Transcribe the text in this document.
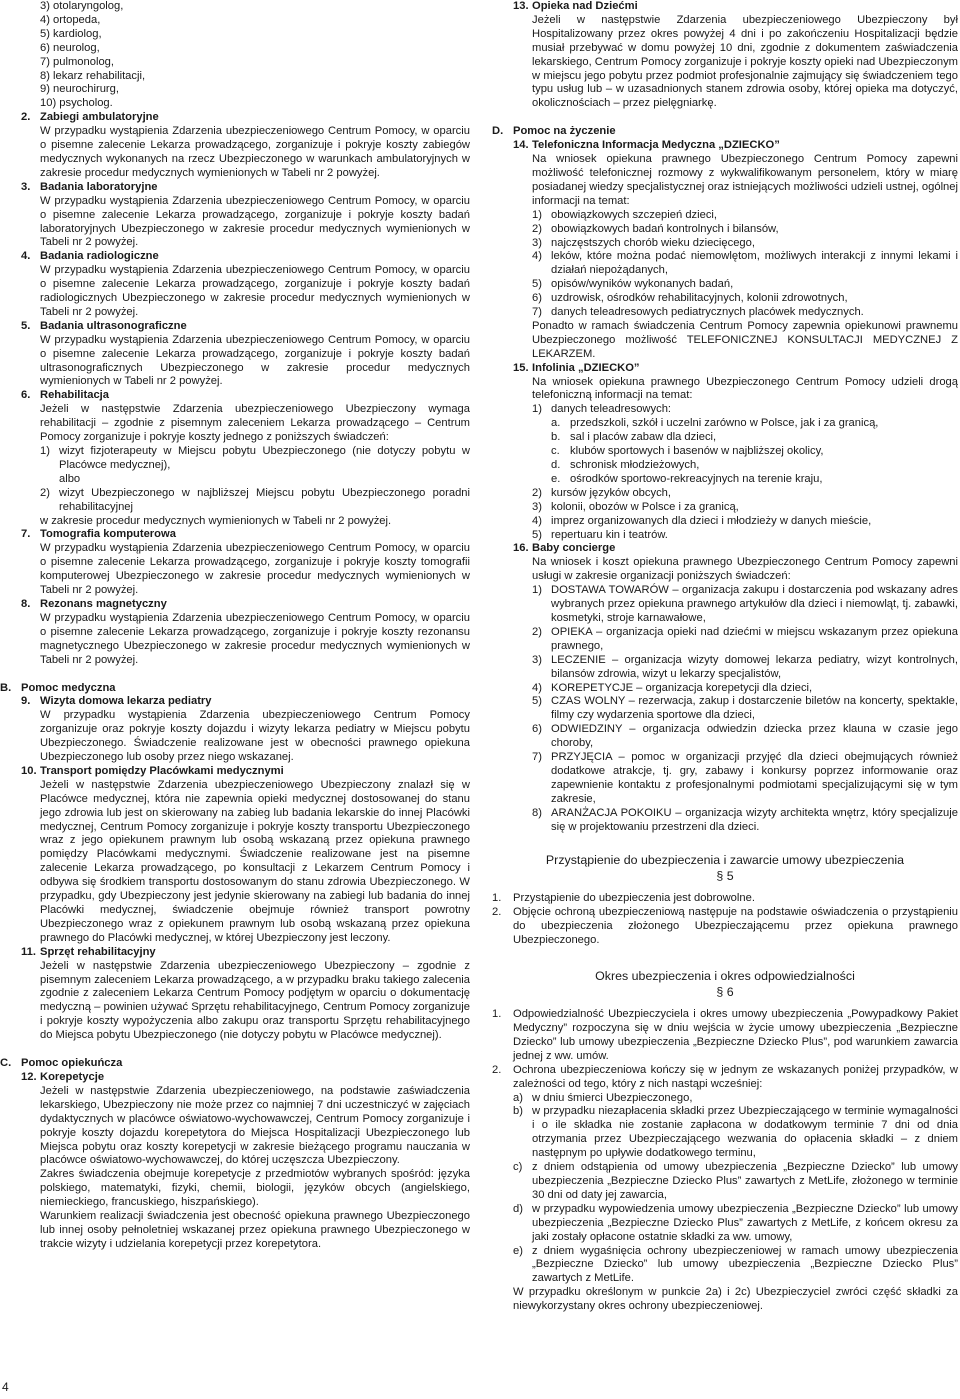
3) otolaryngolog,
4) ortopeda,
5) kardiolog,
6) neurolog,
7) pulmonolog,
8) lekarz rehabilitacji,
9) neurochirurg,
10) psycholog.
2. Zabiegi ambulatoryjne

W przypadku wystąpienia Zdarzenia ubezpieczeniowego Centrum Pomocy, w oparciu o pisemne zalecenie Lekarza prowadzącego, zorganizuje i pokryje koszty zabiegów medycznych wykonanych na rzecz Ubezpieczonego w warunkach ambulatoryjnych w zakresie procedur medycznych wymienionych w Tabeli nr 2 powyżej.

3. Badania laboratoryjne

W przypadku wystąpienia Zdarzenia ubezpieczeniowego Centrum Pomocy, w oparciu o pisemne zalecenie Lekarza prowadzącego, zorganizuje i pokryje koszty badań laboratoryjnych Ubezpieczonego w zakresie procedur medycznych wymienionych w Tabeli nr 2 powyżej.

4. Badania radiologiczne

W przypadku wystąpienia Zdarzenia ubezpieczeniowego Centrum Pomocy, w oparciu o pisemne zalecenie Lekarza prowadzącego, zorganizuje i pokryje koszty badań radiologicznych Ubezpieczonego w zakresie procedur medycznych wymienionych w Tabeli nr 2 powyżej.

5. Badania ultrasonograficzne

W przypadku wystąpienia Zdarzenia ubezpieczeniowego Centrum Pomocy, w oparciu o pisemne zalecenie Lekarza prowadzącego, zorganizuje i pokryje koszty badań ultrasonograficznych Ubezpieczonego w zakresie procedur medycznych wymienionych w Tabeli nr 2 powyżej.

6. Rehabilitacja

Jeżeli w następstwie Zdarzenia ubezpieczeniowego Ubezpieczony wymaga rehabilitacji – zgodnie z pisemnym zaleceniem Lekarza prowadzącego – Centrum Pomocy zorganizuje i pokryje koszty jednego z poniższych świadczeń:

1) wizyt fizjoterapeuty w Miejscu pobytu Ubezpieczonego (nie dotyczy pobytu w Placówce medycznej),

albo
2) wizyt Ubezpieczonego w najbliższej Miejscu pobytu Ubezpieczonego poradni rehabilitacyjnej

w zakresie procedur medycznych wymienionych w Tabeli nr 2 powyżej.

7. Tomografia komputerowa

W przypadku wystąpienia Zdarzenia ubezpieczeniowego Centrum Pomocy, w oparciu o pisemne zalecenie Lekarza prowadzącego, zorganizuje i pokryje koszty tomografii komputerowej Ubezpieczonego w zakresie procedur medycznych wymienionych w Tabeli nr 2 powyżej.

8. Rezonans magnetyczny

W przypadku wystąpienia Zdarzenia ubezpieczeniowego Centrum Pomocy, w oparciu o pisemne zalecenie Lekarza prowadzącego, zorganizuje i pokryje koszty rezonansu magnetycznego Ubezpieczonego w zakresie procedur medycznych wymienionych w Tabeli nr 2 powyżej.

B. Pomoc medyczna
9. Wizyta domowa lekarza pediatry

W przypadku wystąpienia Zdarzenia ubezpieczeniowego Centrum Pomocy zorganizuje oraz pokryje koszty dojazdu i wizyty lekarza pediatry w Miejscu pobytu Ubezpieczonego. Świadczenie realizowane jest w obecności prawnego opiekuna Ubezpieczonego lub osoby przez niego wskazanej.

10. Transport pomiędzy Placówkami medycznymi

Jeżeli w następstwie Zdarzenia ubezpieczeniowego Ubezpieczony znalazł się w Placówce medycznej, która nie zapewnia opieki medycznej dostosowanej do stanu jego zdrowia lub jest on skierowany na zabieg lub badania lekarskie do innej Placówki medycznej, Centrum Pomocy zorganizuje i pokryje koszty transportu Ubezpieczonego wraz z jego opiekunem prawnym lub osobą wskazaną przez opiekuna prawnego pomiędzy Placówkami medycznymi. Świadczenie realizowane jest na pisemne zalecenie Lekarza prowadzącego, po konsultacji z Lekarzem Centrum Pomocy i odbywa się środkiem transportu dostosowanym do stanu zdrowia Ubezpieczonego. W przypadku, gdy Ubezpieczony jest jedynie skierowany na zabiegi lub badania do innej Placówki medycznej, świadczenie obejmuje również transport powrotny Ubezpieczonego wraz z opiekunem prawnym lub osobą wskazaną przez opiekuna prawnego do Placówki medycznej, w której Ubezpieczony jest leczony.

11. Sprzęt rehabilitacyjny

Jeżeli w następstwie Zdarzenia ubezpieczeniowego Ubezpieczony – zgodnie z pisemnym zaleceniem Lekarza prowadzącego, a w przypadku braku takiego zalecenia zgodnie z zaleceniem Lekarza Centrum Pomocy podjętym w oparciu o dokumentację medyczną – powinien używać Sprzętu rehabilitacyjnego, Centrum Pomocy zorganizuje i pokryje koszty wypożyczenia albo zakupu oraz transportu Sprzętu rehabilitacyjnego do Miejsca pobytu Ubezpieczonego (nie dotyczy pobytu w Placówce medycznej).

C. Pomoc opiekuńcza
12. Korepetycje

Jeżeli w następstwie Zdarzenia ubezpieczeniowego, na podstawie zaświadczenia lekarskiego, Ubezpieczony nie może przez co najmniej 7 dni uczestniczyć w zajęciach dydaktycznych w placówce oświatowo-wychowawczej, Centrum Pomocy zorganizuje i pokryje koszty dojazdu korepetytora do Miejsca Hospitalizacji Ubezpieczonego lub Miejsca pobytu oraz koszty korepetycji w zakresie bieżącego programu nauczania w placówce oświatowo-wychowawczej, do której uczęszcza Ubezpieczony.

Zakres świadczenia obejmuje korepetycje z przedmiotów wybranych spośród: języka polskiego, matematyki, fizyki, chemii, biologii, języków obcych (angielskiego, niemieckiego, francuskiego, hiszpańskiego).

Warunkiem realizacji świadczenia jest obecność opiekuna prawnego Ubezpieczonego lub innej osoby pełnoletniej wskazanej przez opiekuna prawnego Ubezpieczonego w trakcie wizyty i udzielania korepetycji przez korepetytora.

13. Opieka nad Dziećmi

Jeżeli w następstwie Zdarzenia ubezpieczeniowego Ubezpieczony był Hospitalizowany przez okres powyżej 4 dni i po zakończeniu Hospitalizacji będzie musiał przebywać w domu powyżej 10 dni, zgodnie z dokumentem zaświadczenia lekarskiego, Centrum Pomocy zorganizuje i pokryje koszty opieki nad Ubezpieczonym w miejscu jego pobytu przez podmiot profesjonalnie zajmujący się świadczeniem tego typu usług lub – w uzasadnionych stanem zdrowia osoby, której opieka ma dotyczyć, okolicznościach – przez pielęgniarkę.

D. Pomoc na życzenie
14. Telefoniczna Informacja Medyczna „DZIECKO”

Na wniosek opiekuna prawnego Ubezpieczonego Centrum Pomocy zapewni możliwość telefonicznej rozmowy z wykwalifikowanym personelem, który w miarę posiadanej wiedzy specjalistycznej oraz istniejących możliwości udzieli ustnej, ogólnej informacji na temat:

1) obowiązkowych szczepień dzieci,

2) obowiązkowych badań kontrolnych i bilansów,

3) najczęstszych chorób wieku dziecięcego,

4) leków, które można podać niemowlętom, możliwych interakcji z innymi lekami i działań niepożądanych,

5) opisów/wyników wykonanych badań,

6) uzdrowisk, ośrodków rehabilitacyjnych, kolonii zdrowotnych,

7) danych teleadresowych pediatrycznych placówek medycznych.

Ponadto w ramach świadczenia Centrum Pomocy zapewnia opiekunowi prawnemu Ubezpieczonego możliwość TELEFONICZNEJ KONSULTACJI MEDYCZNEJ Z LEKARZEM.

15. Infolinia „DZIECKO”

Na wniosek opiekuna prawnego Ubezpieczonego Centrum Pomocy udzieli drogą telefoniczną informacji na temat:

1) danych teleadresowych:

a. przedszkoli, szkół i uczelni zarówno w Polsce, jak i za granicą,

b. sal i placów zabaw dla dzieci,

c. klubów sportowych i basenów w najbliższej okolicy,

d. schronisk młodzieżowych,

e. ośrodków sportowo-rekreacyjnych na terenie kraju,

2) kursów języków obcych,

3) kolonii, obozów w Polsce i za granicą,

4) imprez organizowanych dla dzieci i młodzieży w danych mieście,

5) repertuaru kin i teatrów.

16. Baby concierge

Na wniosek i koszt opiekuna prawnego Ubezpieczonego Centrum Pomocy zapewni usługi w zakresie organizacji poniższych świadczeń:

1) DOSTAWA TOWARÓW – organizacja zakupu i dostarczenia pod wskazany adres wybranych przez opiekuna prawnego artykułów dla dzieci i niemowląt, tj. zabawki, kosmetyki, stroje karnawałowe,

2) OPIEKA – organizacja opieki nad dziećmi w miejscu wskazanym przez opiekuna prawnego,

3) LECZENIE – organizacja wizyty domowej lekarza pediatry, wizyt kontrolnych, bilansów zdrowia, wizyt u lekarzy specjalistów,

4) KOREPETYCJE – organizacja korepetycji dla dzieci,

5) CZAS WOLNY – rezerwacja, zakup i dostarczenie biletów na koncerty, spektakle, filmy czy wydarzenia sportowe dla dzieci,

6) ODWIEDZINY – organizacja odwiedzin dziecka przez klauna w czasie jego choroby,

7) PRZYJĘCIA – pomoc w organizacji przyjęć dla dzieci obejmujących również dodatkowe atrakcje, tj. gry, zabawy i konkursy poprzez informowanie oraz zapewnienie kontaktu z profesjonalnymi podmiotami specjalizującymi się w tym zakresie,

8) ARANŻACJA POKOIKU – organizacja wizyty architekta wnętrz, który specjalizuje się w projektowaniu przestrzeni dla dzieci.

Przystąpienie do ubezpieczenia i zawarcie umowy ubezpieczenia
§ 5
1. Przystąpienie do ubezpieczenia jest dobrowolne.

2. Objęcie ochroną ubezpieczeniową następuje na podstawie oświadczenia o przystąpieniu do ubezpieczenia złożonego Ubezpieczającemu przez opiekuna prawnego Ubezpieczonego.

Okres ubezpieczenia i okres odpowiedzialności
§ 6
1. Odpowiedzialność Ubezpieczyciela i okres umowy ubezpieczenia „Powypadkowy Pakiet Medyczny” rozpoczyna się w dniu wejścia w życie umowy ubezpieczenia „Bezpieczne Dziecko” lub umowy ubezpieczenia „Bezpieczne Dziecko Plus”, pod warunkiem zawarcia jednej z ww. umów.

2. Ochrona ubezpieczeniowa kończy się w jednym ze wskazanych poniżej przypadków, w zależności od tego, który z nich nastąpi wcześniej:

a) w dniu śmierci Ubezpieczonego,

b) w przypadku niezapłacenia składki przez Ubezpieczającego w terminie wymagalności i o ile składka nie zostanie zapłacona w dodatkowym terminie 7 dni od dnia otrzymania przez Ubezpieczającego wezwania do opłacenia składki – z dniem następnym po upływie dodatkowego terminu,

c) z dniem odstąpienia od umowy ubezpieczenia „Bezpieczne Dziecko” lub umowy ubezpieczenia „Bezpieczne Dziecko Plus” zawartych z MetLife, złożonego w terminie 30 dni od daty jej zawarcia,

d) w przypadku wypowiedzenia umowy ubezpieczenia „Bezpieczne Dziecko” lub umowy ubezpieczenia „Bezpieczne Dziecko Plus” zawartych z MetLife, z końcem okresu za jaki zostały opłacone ostatnie składki za ww. umowy,

e) z dniem wygaśnięcia ochrony ubezpieczeniowej w ramach umowy ubezpieczenia „Bezpieczne Dziecko” lub umowy ubezpieczenia „Bezpieczne Dziecko Plus” zawartych z MetLife.

W przypadku określonym w punkcie 2a) i 2c) Ubezpieczyciel zwróci część składki za niewykorzystany okres ochrony ubezpieczeniowej.

4
